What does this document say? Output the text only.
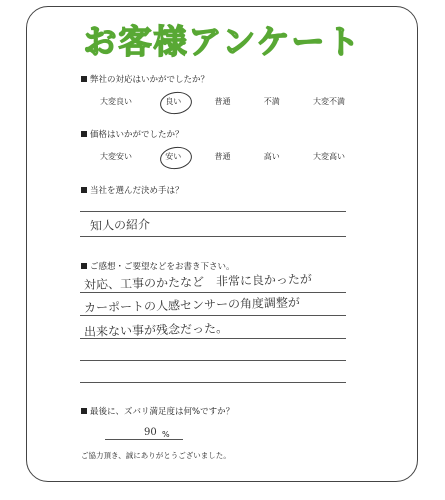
お客様アンケート
弊社の対応はいかがでしたか？
大変良い	良い	普通	不満	大変不満
価格はいかがでしたか？
大変安い	安い	普通	高い	大変高い
当社を選んだ決め手は？
知人の紹介
ご感想・ご要望などをお書き下さい。
対応、工事のかたなど　非常に良かったが
カーポートの人感センサーの角度調整が
出来ない事が残念だった。
最後に、ズバリ満足度は何%ですか？
90 %
ご協力頂き、誠にありがとうございました。
